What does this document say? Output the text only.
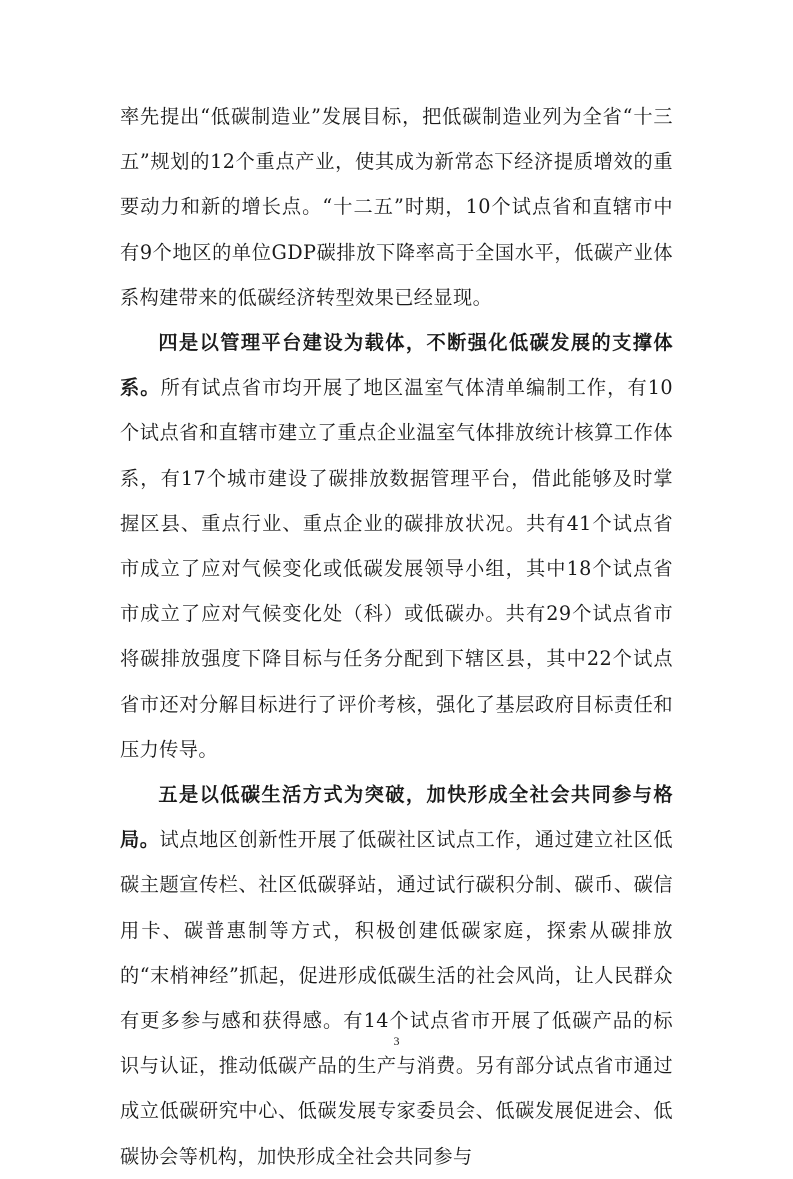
率先提出“低碳制造业”发展目标，把低碳制造业列为全省“十三五”规划的12个重点产业，使其成为新常态下经济提质增效的重要动力和新的增长点。“十二五”时期，10个试点省和直辖市中有9个地区的单位GDP碳排放下降率高于全国水平，低碳产业体系构建带来的低碳经济转型效果已经显现。

四是以管理平台建设为载体，不断强化低碳发展的支撑体系。所有试点省市均开展了地区温室气体清单编制工作，有10个试点省和直辖市建立了重点企业温室气体排放统计核算工作体系，有17个城市建设了碳排放数据管理平台，借此能够及时掌握区县、重点行业、重点企业的碳排放状况。共有41个试点省市成立了应对气候变化或低碳发展领导小组，其中18个试点省市成立了应对气候变化处（科）或低碳办。共有29个试点省市将碳排放强度下降目标与任务分配到下辖区县，其中22个试点省市还对分解目标进行了评价考核，强化了基层政府目标责任和压力传导。

五是以低碳生活方式为突破，加快形成全社会共同参与格局。试点地区创新性开展了低碳社区试点工作，通过建立社区低碳主题宣传栏、社区低碳驿站，通过试行碳积分制、碳币、碳信用卡、碳普惠制等方式，积极创建低碳家庭，探索从碳排放的“末梢神经”抓起，促进形成低碳生活的社会风尚，让人民群众有更多参与感和获得感。有14个试点省市开展了低碳产品的标识与认证，推动低碳产品的生产与消费。另有部分试点省市通过成立低碳研究中心、低碳发展专家委员会、低碳发展促进会、低碳协会等机构，加快形成全社会共同参与

3
